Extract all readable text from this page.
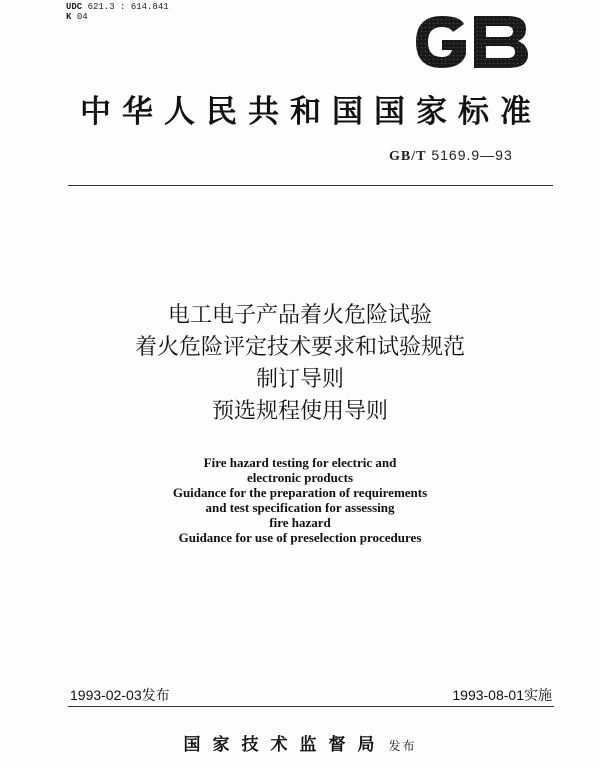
UDC 621.3 : 614.841
K 04	GB
中华人民共和国国家标准
GB/T 5169.9—93
电工电子产品着火危险试验
着火危险评定技术要求和试验规范
制订导则
预选规程使用导则
Fire hazard testing for electric and
electronic products
Guidance for the preparation of requirements
and test specification for assessing
fire hazard
Guidance for use of preselection procedures
1993-02-03发布	1993-08-01实施
国家技术监督局 发布
